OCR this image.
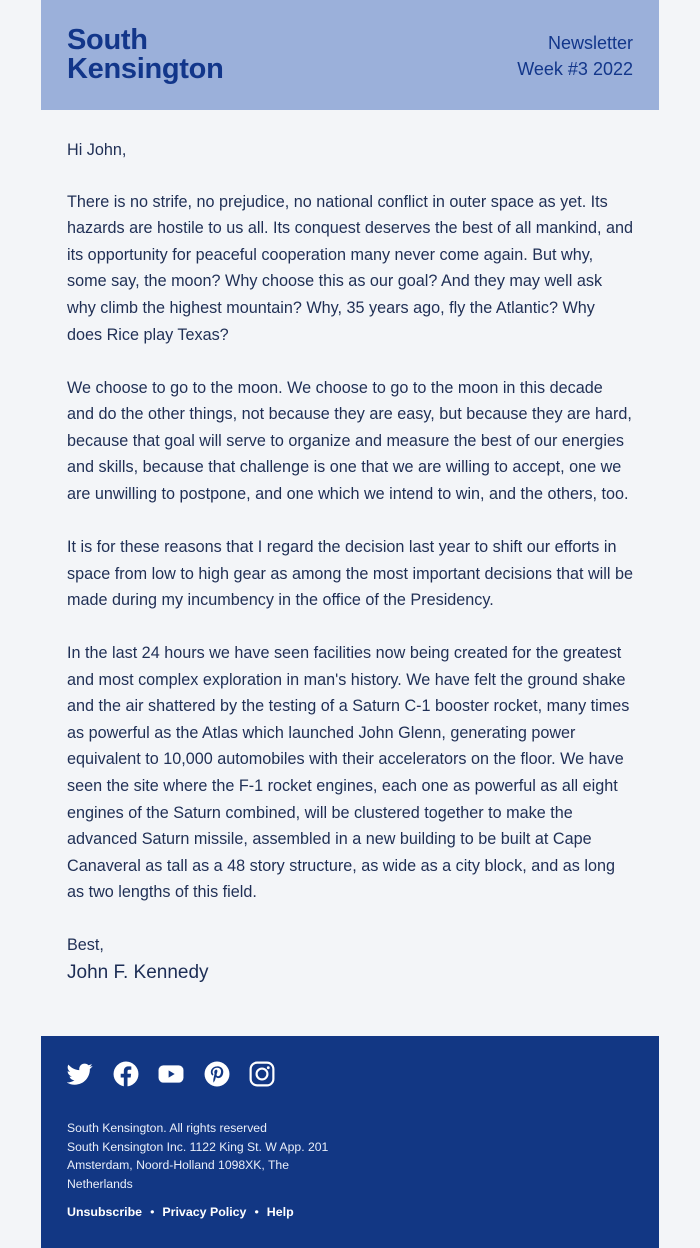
South
Kensington
Newsletter
Week #3 2022

Hi John,

There is no strife, no prejudice, no national conflict in outer space as yet. Its hazards are hostile to us all. Its conquest deserves the best of all mankind, and its opportunity for peaceful cooperation many never come again. But why, some say, the moon? Why choose this as our goal? And they may well ask why climb the highest mountain? Why, 35 years ago, fly the Atlantic? Why does Rice play Texas?

We choose to go to the moon. We choose to go to the moon in this decade and do the other things, not because they are easy, but because they are hard, because that goal will serve to organize and measure the best of our energies and skills, because that challenge is one that we are willing to accept, one we are unwilling to postpone, and one which we intend to win, and the others, too.

It is for these reasons that I regard the decision last year to shift our efforts in space from low to high gear as among the most important decisions that will be made during my incumbency in the office of the Presidency.

In the last 24 hours we have seen facilities now being created for the greatest and most complex exploration in man's history. We have felt the ground shake and the air shattered by the testing of a Saturn C-1 booster rocket, many times as powerful as the Atlas which launched John Glenn, generating power equivalent to 10,000 automobiles with their accelerators on the floor. We have seen the site where the F-1 rocket engines, each one as powerful as all eight engines of the Saturn combined, will be clustered together to make the advanced Saturn missile, assembled in a new building to be built at Cape Canaveral as tall as a 48 story structure, as wide as a city block, and as long as two lengths of this field.

Best,

John F. Kennedy
South Kensington. All rights reserved
South Kensington Inc. 1122 King St. W App. 201
Amsterdam, Noord-Holland 1098XK, The
Netherlands
Unsubscribe • Privacy Policy • Help
